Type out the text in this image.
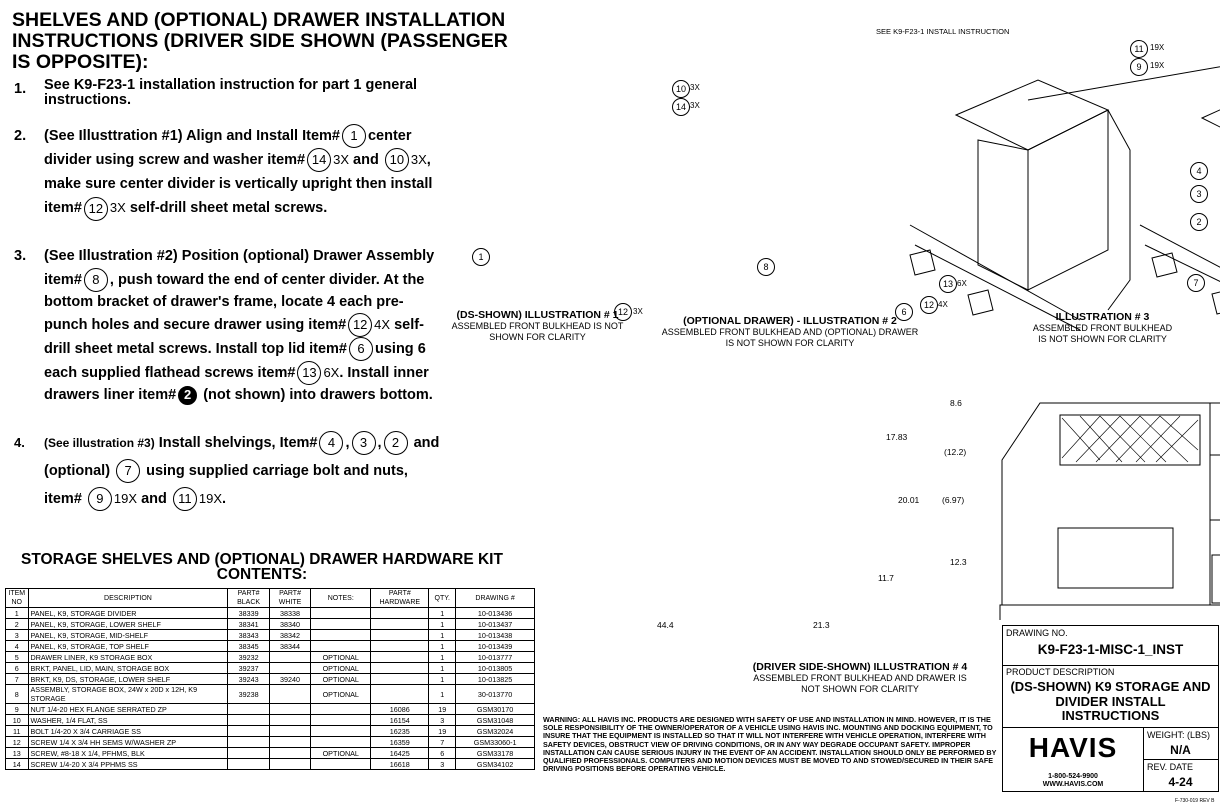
SHELVES AND (OPTIONAL) DRAWER INSTALLATION INSTRUCTIONS (DRIVER SIDE SHOWN (PASSENGER IS OPPOSITE):
1. See K9-F23-1 installation instruction for part 1 general instructions.
2. (See Illusttration #1) Align and Install Item# 1 center divider using screw and washer item# 14 3X and 10 3X, make sure center divider is vertically upright then install item# 12 3X self-drill sheet metal screws.
3. (See Illustration #2) Position (optional) Drawer Assembly item# 8 , push toward the end of center divider. At the bottom bracket of drawer's frame, locate 4 each pre-punch holes and secure drawer using item# 12 4X self-drill sheet metal screws. Install top lid item# 6 using 6 each supplied flathead screws item# 13 6X. Install inner drawers liner item# 2 (not shown) into drawers bottom.
4. (See illustration #3) Install shelvings, Item# 4 , 3 , 2 and (optional) 7 using supplied carriage bolt and nuts, item# 9 19X and 11 19X.
STORAGE SHELVES AND (OPTIONAL) DRAWER HARDWARE KIT CONTENTS:
ITEM NO	DESCRIPTION	PART# BLACK	PART# WHITE	NOTES:	PART# HARDWARE	QTY.	DRAWING #
1	PANEL, K9, STORAGE DIVIDER	38339	38338			1	10-013436
2	PANEL, K9, STORAGE, LOWER SHELF	38341	38340			1	10-013437
3	PANEL, K9, STORAGE, MID-SHELF	38343	38342			1	10-013438
4	PANEL, K9, STORAGE, TOP SHELF	38345	38344			1	10-013439
5	DRAWER LINER, K9 STORAGE BOX	39232		OPTIONAL		1	10-013777
6	BRKT, PANEL, LID, MAIN, STORAGE BOX	39237		OPTIONAL		1	10-013805
7	BRKT, K9, DS, STORAGE, LOWER SHELF	39243	39240	OPTIONAL		1	10-013825
8	ASSEMBLY, STORAGE BOX, 24W x 20D x 12H, K9 STORAGE	39238		OPTIONAL		1	30-013770
9	NUT 1/4-20 HEX FLANGE SERRATED ZP				16086	19	GSM30170
10	WASHER, 1/4 FLAT, SS				16154	3	GSM31048
11	BOLT 1/4-20 X 3/4 CARRIAGE SS				16235	19	GSM32024
12	SCREW 1/4 X 3/4 HH SEMS W/WASHER ZP				16359	7	GSM33060-1
13	SCREW, #8-18 X 1/4, PFHMS, BLK			OPTIONAL	16425	6	GSM33178
14	SCREW 1/4-20 X 3/4 PPHMS SS				16618	3	GSM34102
SEE K9-F23-1 INSTALL INSTRUCTION
10 3X
14 3X
11 19X
9	19X
1
12 3X
8
6
12 4X
13 6X
4
3
2
7
(DS-SHOWN) ILLUSTRATION # 1
ASSEMBLED FRONT BULKHEAD IS NOT SHOWN FOR CLARITY
(OPTIONAL DRAWER) - ILLUSTRATION # 2
ASSEMBLED FRONT BULKHEAD AND (OPTIONAL) DRAWER IS NOT SHOWN FOR CLARITY
ILLUSTRATION # 3
ASSEMBLED FRONT BULKHEAD IS NOT SHOWN FOR CLARITY
(DRIVER SIDE-SHOWN) ILLUSTRATION # 4
ASSEMBLED FRONT BULKHEAD AND DRAWER IS NOT SHOWN FOR CLARITY
17.83
20.01
11.7
44.4	21.3
8.6
(12.2)
(6.97)
12.3
WARNING: ALL HAVIS INC. PRODUCTS ARE DESIGNED WITH SAFETY OF USE AND INSTALLATION IN MIND. HOWEVER, IT IS THE SOLE RESPONSIBILITY OF THE OWNER/OPERATOR OF A VEHICLE USING HAVIS INC. MOUNTING AND DOCKING EQUIPMENT, TO INSURE THAT THE EQUIPMENT IS INSTALLED SO THAT IT WILL NOT INTERFERE WITH VEHICLE OPERATION, INTERFERE WITH SAFETY DEVICES, OBSTRUCT VIEW OF DRIVING CONDITIONS, OR IN ANY WAY DEGRADE OCCUPANT SAFETY. IMPROPER INSTALLATION CAN CAUSE SERIOUS INJURY IN THE EVENT OF AN ACCIDENT. INSTALLATION SHOULD ONLY BE PERFORMED BY QUALIFIED PROFESSIONALS. COMPUTERS AND MOTION DEVICES MUST BE MOVED TO AND STOWED/SECURED IN THEIR SAFE DRIVING POSITIONS BEFORE OPERATING VEHICLE.
DRAWING NO.
K9-F23-1-MISC-1_INST
PRODUCT DESCRIPTION
(DS-SHOWN) K9 STORAGE AND DIVIDER INSTALL INSTRUCTIONS
HAVIS
1-800-524-9900
WWW.HAVIS.COM
WEIGHT: (LBS)
N/A
REV. DATE
4-24
F-730-019 REV B
